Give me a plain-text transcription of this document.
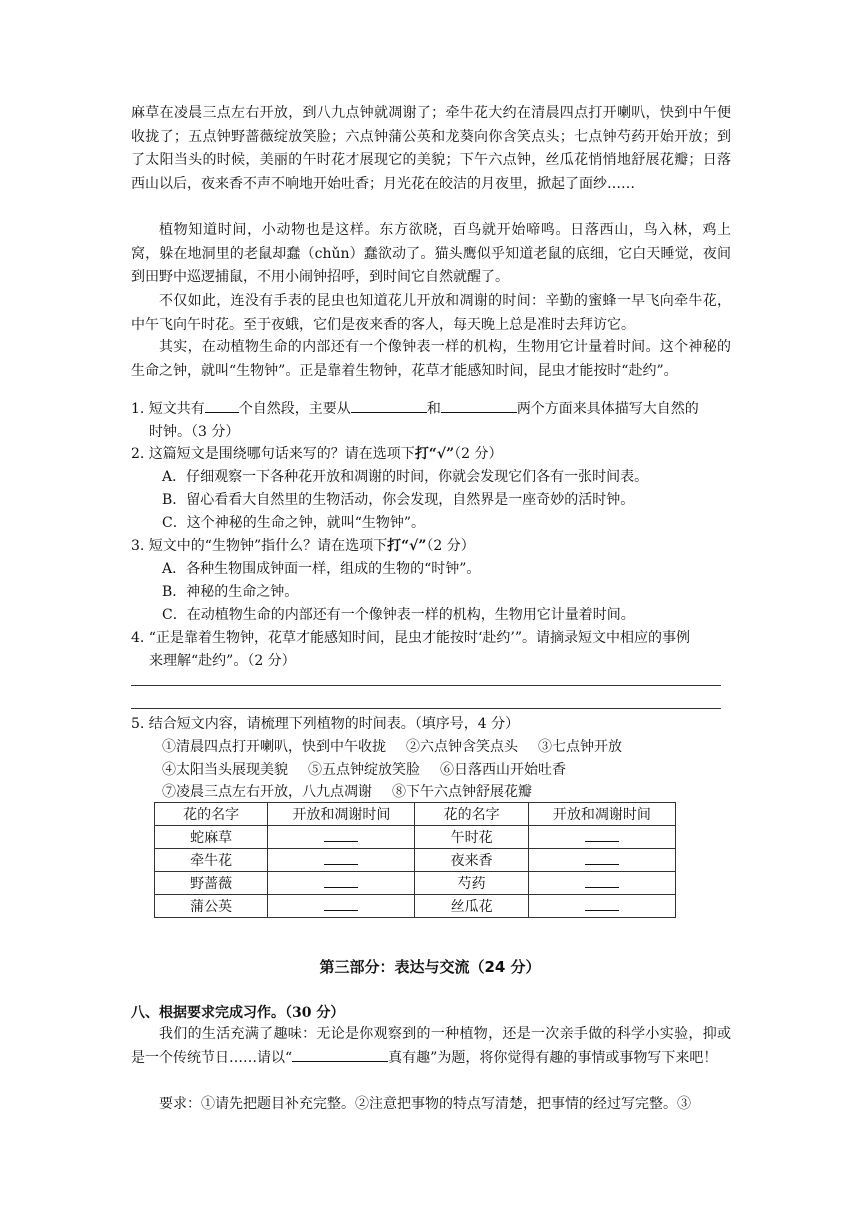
麻草在凌晨三点左右开放，到八九点钟就凋谢了；牵牛花大约在清晨四点打开喇叭，快到中午便收拢了；五点钟野蔷薇绽放笑脸；六点钟蒲公英和龙葵向你含笑点头；七点钟芍药开始开放；到了太阳当头的时候，美丽的午时花才展现它的美貌；下午六点钟，丝瓜花悄悄地舒展花瓣；日落西山以后，夜来香不声不响地开始吐香；月光花在皎洁的月夜里，掀起了面纱……

植物知道时间，小动物也是这样。东方欲晓，百鸟就开始啼鸣。日落西山，鸟入林，鸡上窝，躲在地洞里的老鼠却蠢（chǔn）蠢欲动了。猫头鹰似乎知道老鼠的底细，它白天睡觉，夜间到田野中巡逻捕鼠，不用小闹钟招呼，到时间它自然就醒了。

不仅如此，连没有手表的昆虫也知道花儿开放和凋谢的时间：辛勤的蜜蜂一早飞向牵牛花，中午飞向午时花。至于夜蛾，它们是夜来香的客人，每天晚上总是准时去拜访它。

其实，在动植物生命的内部还有一个像钟表一样的机构，生物用它计量着时间。这个神秘的生命之钟，就叫“生物钟”。正是靠着生物钟，花草才能感知时间，昆虫才能按时“赴约”。

1. 短文共有 个自然段，主要从	和	两个方面来具体描写大自然的
时钟。（3 分）
2. 这篇短文是围绕哪句话来写的？请在选项下打“√”（2 分）

A．仔细观察一下各种花开放和凋谢的时间，你就会发现它们各有一张时间表。

B．留心看看大自然里的生物活动，你会发现，自然界是一座奇妙的活时钟。

C．这个神秘的生命之钟，就叫“生物钟”。

3. 短文中的“生物钟”指什么？请在选项下打“√”（2 分）

A．各种生物围成钟面一样，组成的生物的“时钟”。

B．神秘的生命之钟。

C．在动植物生命的内部还有一个像钟表一样的机构，生物用它计量着时间。

4. “正是靠着生物钟，花草才能感知时间，昆虫才能按时‘赴约’”。请摘录短文中相应的事例

来理解“赴约”。（2 分）

5. 结合短文内容，请梳理下列植物的时间表。（填序号，4 分）

①清晨四点打开喇叭，快到中午收拢 ②六点钟含笑点头 ③七点钟开放

④太阳当头展现美貌 ⑤五点钟绽放笑脸 ⑥日落西山开始吐香

⑦凌晨三点左右开放，八九点凋谢 ⑧下午六点钟舒展花瓣

花的名字	开放和凋谢时间	花的名字	开放和凋谢时间
蛇麻草		午时花	
牵牛花		夜来香	
野蔷薇		芍药	
蒲公英		丝瓜花	
第三部分：表达与交流（24 分）

八、根据要求完成习作。（30 分）

我们的生活充满了趣味：无论是你观察到的一种植物，还是一次亲手做的科学小实验，抑或是一个传统节日……请以“	真有趣”为题，将你觉得有趣的事情或事物写下来吧！

要求：①请先把题目补充完整。②注意把事物的特点写清楚，把事情的经过写完整。③
